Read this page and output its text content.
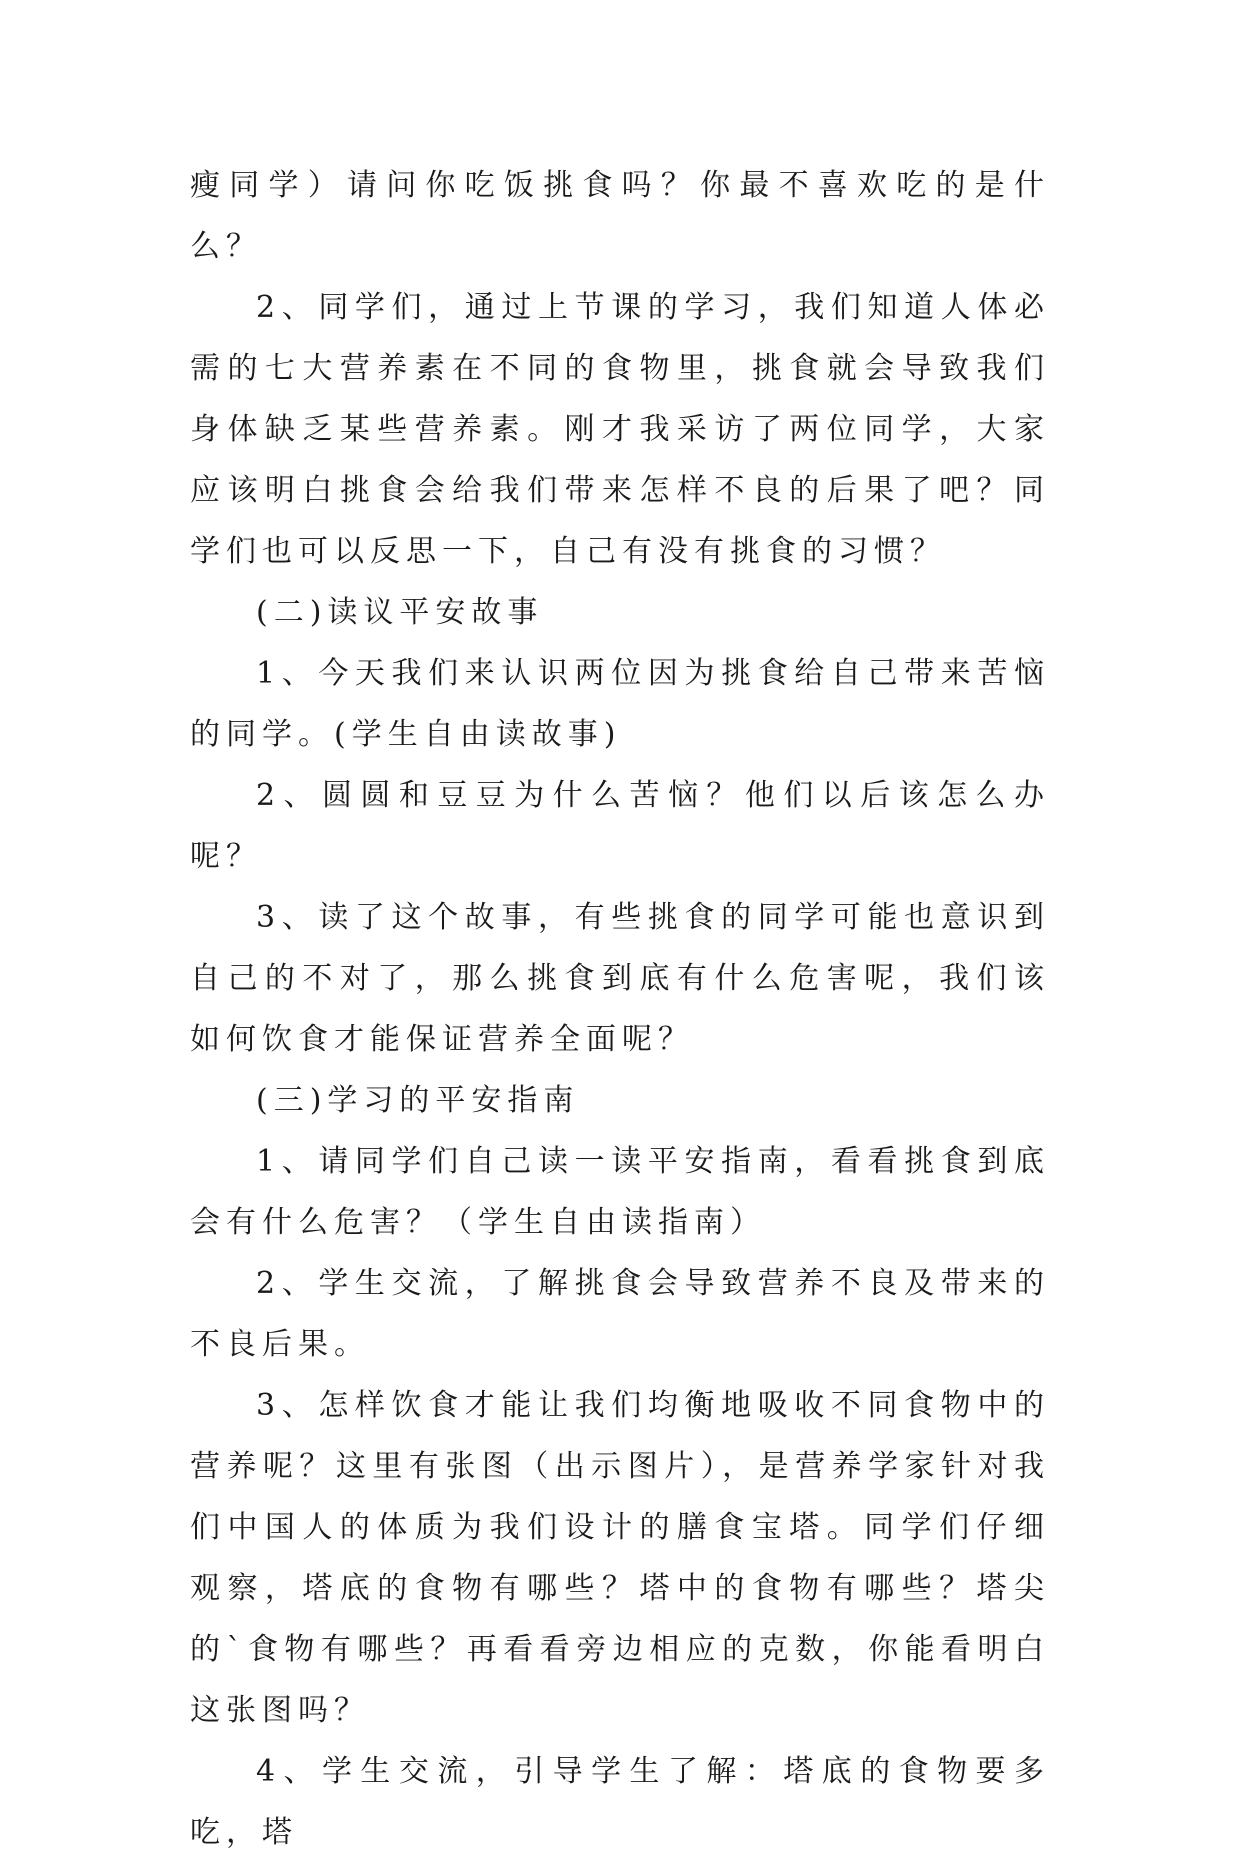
瘦同学）请问你吃饭挑食吗？你最不喜欢吃的是什么？

2、同学们，通过上节课的学习，我们知道人体必需的七大营养素在不同的食物里，挑食就会导致我们身体缺乏某些营养素。刚才我采访了两位同学，大家应该明白挑食会给我们带来怎样不良的后果了吧？同学们也可以反思一下，自己有没有挑食的习惯？

(二)读议平安故事

1、今天我们来认识两位因为挑食给自己带来苦恼的同学。(学生自由读故事)

2、圆圆和豆豆为什么苦恼？他们以后该怎么办呢？

3、读了这个故事，有些挑食的同学可能也意识到自己的不对了，那么挑食到底有什么危害呢，我们该如何饮食才能保证营养全面呢？

(三)学习的平安指南

1、请同学们自己读一读平安指南，看看挑食到底会有什么危害？（学生自由读指南）

2、学生交流，了解挑食会导致营养不良及带来的不良后果。

3、怎样饮食才能让我们均衡地吸收不同食物中的营养呢？这里有张图（出示图片），是营养学家针对我们中国人的体质为我们设计的膳食宝塔。同学们仔细观察，塔底的食物有哪些？塔中的食物有哪些？塔尖的`食物有哪些？再看看旁边相应的克数，你能看明白这张图吗？

4、学生交流，引导学生了解：塔底的食物要多吃，塔
